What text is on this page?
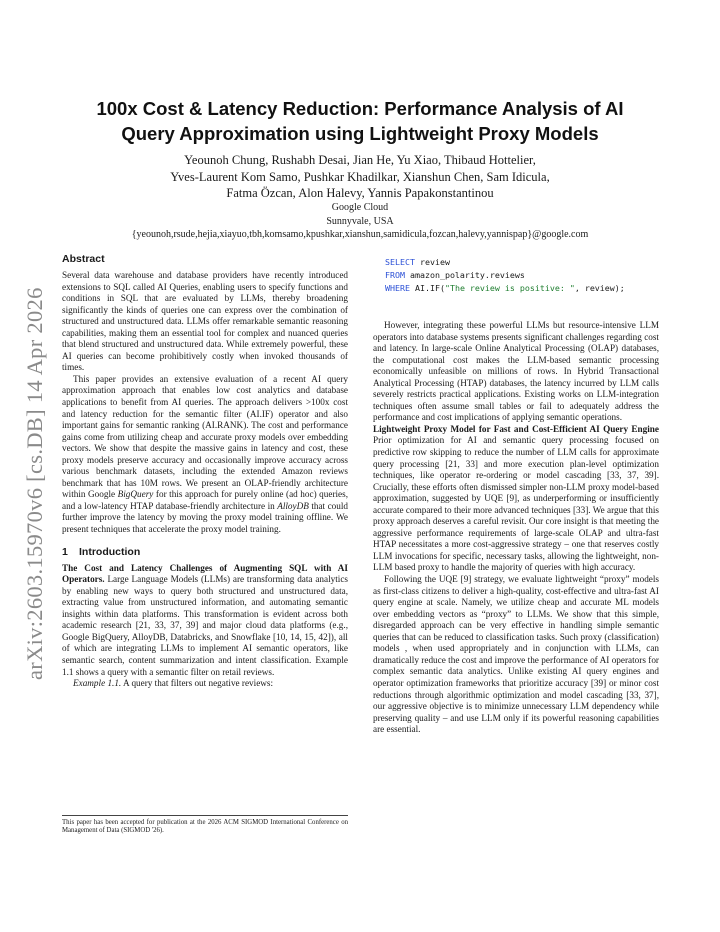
arXiv:2603.15970v6 [cs.DB] 14 Apr 2026
100x Cost & Latency Reduction: Performance Analysis of AI
Query Approximation using Lightweight Proxy Models
Yeounoh Chung, Rushabh Desai, Jian He, Yu Xiao, Thibaud Hottelier,
Yves-Laurent Kom Samo, Pushkar Khadilkar, Xianshun Chen, Sam Idicula,
Fatma Özcan, Alon Halevy, Yannis Papakonstantinou
Google Cloud
Sunnyvale, USA
{yeounoh,rsude,hejia,xiayuo,tbh,komsamo,kpushkar,xianshun,samidicula,fozcan,halevy,yannispap}@google.com
Abstract

Several data warehouse and database providers have recently introduced extensions to SQL called AI Queries, enabling users to specify functions and conditions in SQL that are evaluated by LLMs, thereby broadening significantly the kinds of queries one can express over the combination of structured and unstructured data. LLMs offer remarkable semantic reasoning capabilities, making them an essential tool for complex and nuanced queries that blend structured and unstructured data. While extremely powerful, these AI queries can become prohibitively costly when invoked thousands of times.

This paper provides an extensive evaluation of a recent AI query approximation approach that enables low cost analytics and database applications to benefit from AI queries. The approach delivers >100x cost and latency reduction for the semantic filter (AI.IF) operator and also important gains for semantic ranking (AI.RANK). The cost and performance gains come from utilizing cheap and accurate proxy models over embedding vectors. We show that despite the massive gains in latency and cost, these proxy models preserve accuracy and occasionally improve accuracy across various benchmark datasets, including the extended Amazon reviews benchmark that has 10M rows. We present an OLAP-friendly architecture within Google BigQuery for this approach for purely online (ad hoc) queries, and a low-latency HTAP database-friendly architecture in AlloyDB that could further improve the latency by moving the proxy model training offline. We present techniques that accelerate the proxy model training.

1 Introduction

The Cost and Latency Challenges of Augmenting SQL with AI Operators. Large Language Models (LLMs) are transforming data analytics by enabling new ways to query both structured and unstructured data, extracting value from unstructured information, and automating semantic insights within data platforms. This transformation is evident across both academic research [21, 33, 37, 39] and major cloud data platforms (e.g., Google BigQuery, AlloyDB, Databricks, and Snowflake [10, 14, 15, 42]), all of which are integrating LLMs to implement AI semantic operators, like semantic search, content summarization and intent classification. Example 1.1 shows a query with a semantic filter on retail reviews.

Example 1.1. A query that filters out negative reviews:

This paper has been accepted for publication at the 2026 ACM SIGMOD International Conference on Management of Data (SIGMOD '26).
SELECT review
FROM amazon_polarity.reviews
WHERE AI.IF("The review is positive: ", review);

However, integrating these powerful LLMs but resource-intensive LLM operators into database systems presents significant challenges regarding cost and latency. In large-scale Online Analytical Processing (OLAP) databases, the computational cost makes the LLM-based semantic processing economically unfeasible on millions of rows. In Hybrid Transactional Analytical Processing (HTAP) databases, the latency incurred by LLM calls severely restricts practical applications. Existing works on LLM-integration techniques often assume small tables or fail to adequately address the performance and cost implications of applying semantic operations.

Lightweight Proxy Model for Fast and Cost-Efficient AI Query Engine Prior optimization for AI and semantic query processing focused on predictive row skipping to reduce the number of LLM calls for approximate query processing [21, 33] and more execution plan-level optimization techniques, like operator re-ordering or model cascading [33, 37, 39]. Crucially, these efforts often dismissed simpler non-LLM proxy model-based approximation, suggested by UQE [9], as underperforming or insufficiently accurate compared to their more advanced techniques [33]. We argue that this proxy approach deserves a careful revisit. Our core insight is that meeting the aggressive performance requirements of large-scale OLAP and ultra-fast HTAP necessitates a more cost-aggressive strategy – one that reserves costly LLM invocations for specific, necessary tasks, allowing the lightweight, non-LLM based proxy to handle the majority of queries with high accuracy.

Following the UQE [9] strategy, we evaluate lightweight “proxy” models as first-class citizens to deliver a high-quality, cost-effective and ultra-fast AI query engine at scale. Namely, we utilize cheap and accurate ML models over embedding vectors as “proxy” to LLMs. We show that this simple, disregarded approach can be very effective in handling simple semantic queries that can be reduced to classification tasks. Such proxy (classification) models , when used appropriately and in conjunction with LLMs, can dramatically reduce the cost and improve the performance of AI operators for complex semantic data analytics. Unlike existing AI query engines and operator optimization frameworks that prioritize accuracy [39] or minor cost reductions through algorithmic optimization and model cascading [33, 37], our aggressive objective is to minimize unnecessary LLM dependency while preserving quality – and use LLM only if its powerful reasoning capabilities are essential.
